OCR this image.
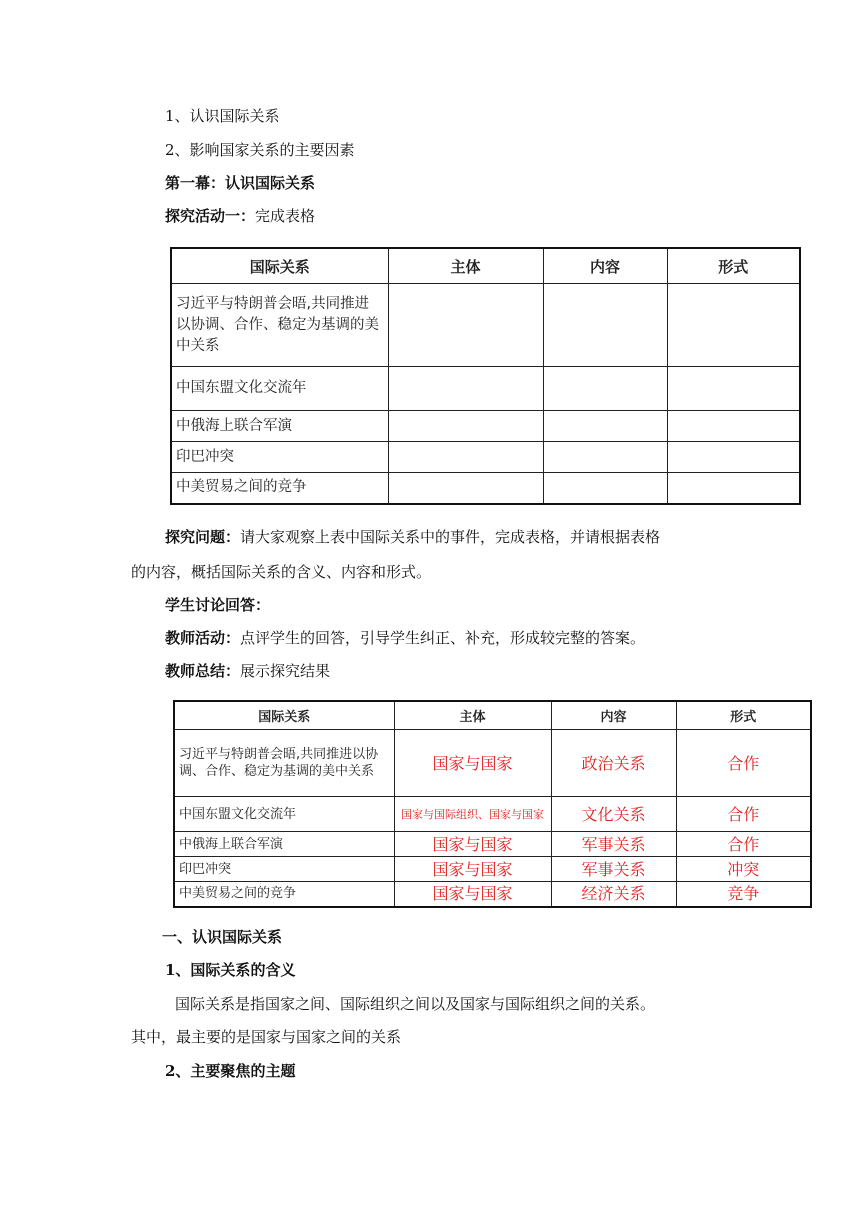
1、认识国际关系
2、影响国家关系的主要因素
第一幕：认识国际关系
探究活动一：完成表格
国际关系	主体	内容	形式
习近平与特朗普会晤,共同推进以协调、合作、稳定为基调的美中关系			
中国东盟文化交流年			
中俄海上联合军演			
印巴冲突			
中美贸易之间的竞争			
探究问题：请大家观察上表中国际关系中的事件，完成表格，并请根据表格
的内容，概括国际关系的含义、内容和形式。
学生讨论回答：
教师活动：点评学生的回答，引导学生纠正、补充，形成较完整的答案。
教师总结：展示探究结果
国际关系	主体	内容	形式
习近平与特朗普会晤,共同推进以协调、合作、稳定为基调的美中关系	国家与国家	政治关系	合作
中国东盟文化交流年	国家与国际组织、国家与国家	文化关系	合作
中俄海上联合军演	国家与国家	军事关系	合作
印巴冲突	国家与国家	军事关系	冲突
中美贸易之间的竞争	国家与国家	经济关系	竞争
一、认识国际关系
1、国际关系的含义
国际关系是指国家之间、国际组织之间以及国家与国际组织之间的关系。
其中，最主要的是国家与国家之间的关系
2、主要聚焦的主题
